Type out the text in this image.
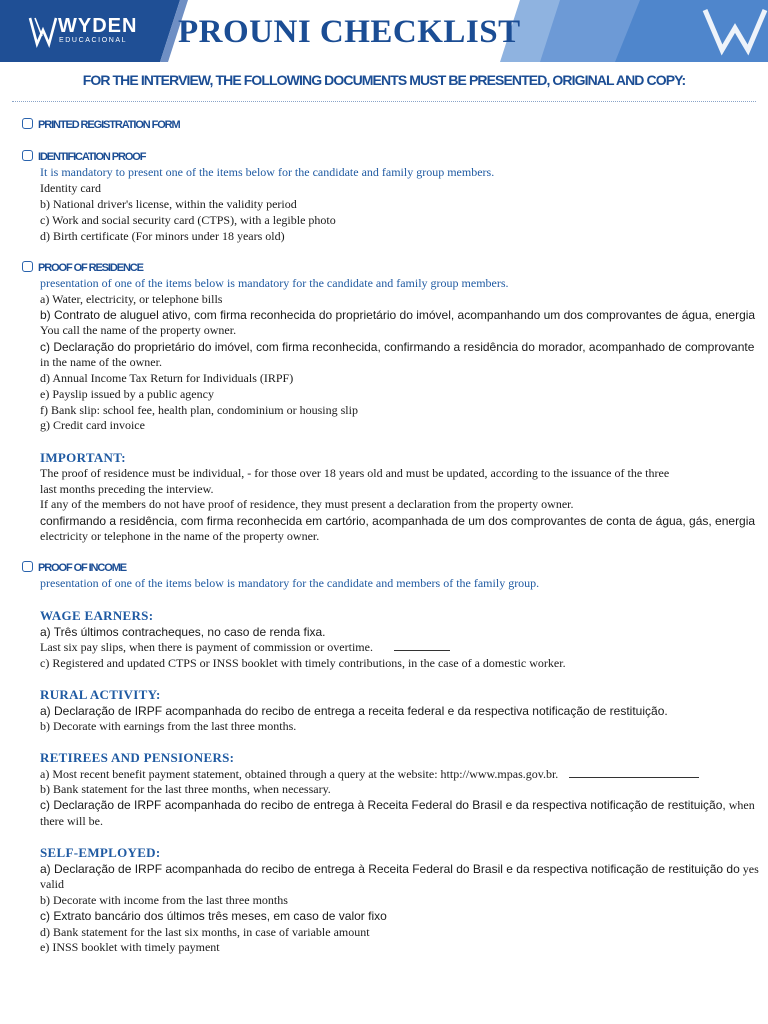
WYDEN
EDUCACIONAL	PROUNI CHECKLIST
FOR THE INTERVIEW, THE FOLLOWING DOCUMENTS MUST BE PRESENTED, ORIGINAL AND COPY:
PRINTED REGISTRATION FORM
IDENTIFICATION PROOF
It is mandatory to present one of the items below for the candidate and family group members.
Identity card
b) National driver's license, within the validity period
c) Work and social security card (CTPS), with a legible photo
d) Birth certificate (For minors under 18 years old)
PROOF OF RESIDENCE
presentation of one of the items below is mandatory for the candidate and family group members.
a) Water, electricity, or telephone bills
b) Contrato de aluguel ativo, com firma reconhecida do proprietário do imóvel, acompanhando um dos comprovantes de água, energia
You call the name of the property owner.
c) Declaração do proprietário do imóvel, com firma reconhecida, confirmando a residência do morador, acompanhado de comprovante
in the name of the owner.
d) Annual Income Tax Return for Individuals (IRPF)
e) Payslip issued by a public agency
f) Bank slip: school fee, health plan, condominium or housing slip
g) Credit card invoice
IMPORTANT:
The proof of residence must be individual, - for those over 18 years old and must be updated, according to the issuance of the three
last months preceding the interview.
If any of the members do not have proof of residence, they must present a declaration from the property owner.
confirmando a residência, com firma reconhecida em cartório, acompanhada de um dos comprovantes de conta de água, gás, energia
electricity or telephone in the name of the property owner.
PROOF OF INCOME
presentation of one of the items below is mandatory for the candidate and members of the family group.
WAGE EARNERS:
a) Três últimos contracheques, no caso de renda fixa.
Last six pay slips, when there is payment of commission or overtime.
c) Registered and updated CTPS or INSS booklet with timely contributions, in the case of a domestic worker.
RURAL ACTIVITY:
a) Declaração de IRPF acompanhada do recibo de entrega a receita federal e da respectiva notificação de restituição.
b) Decorate with earnings from the last three months.
RETIREES AND PENSIONERS:
a) Most recent benefit payment statement, obtained through a query at the website: http://www.mpas.gov.br.
b) Bank statement for the last three months, when necessary.
c) Declaração de IRPF acompanhada do recibo de entrega à Receita Federal do Brasil e da respectiva notificação de restituição, when
there will be.
SELF-EMPLOYED:
a) Declaração de IRPF acompanhada do recibo de entrega à Receita Federal do Brasil e da respectiva notificação de restituição do yes
valid
b) Decorate with income from the last three months
c) Extrato bancário dos últimos três meses, em caso de valor fixo
d) Bank statement for the last six months, in case of variable amount
e) INSS booklet with timely payment
